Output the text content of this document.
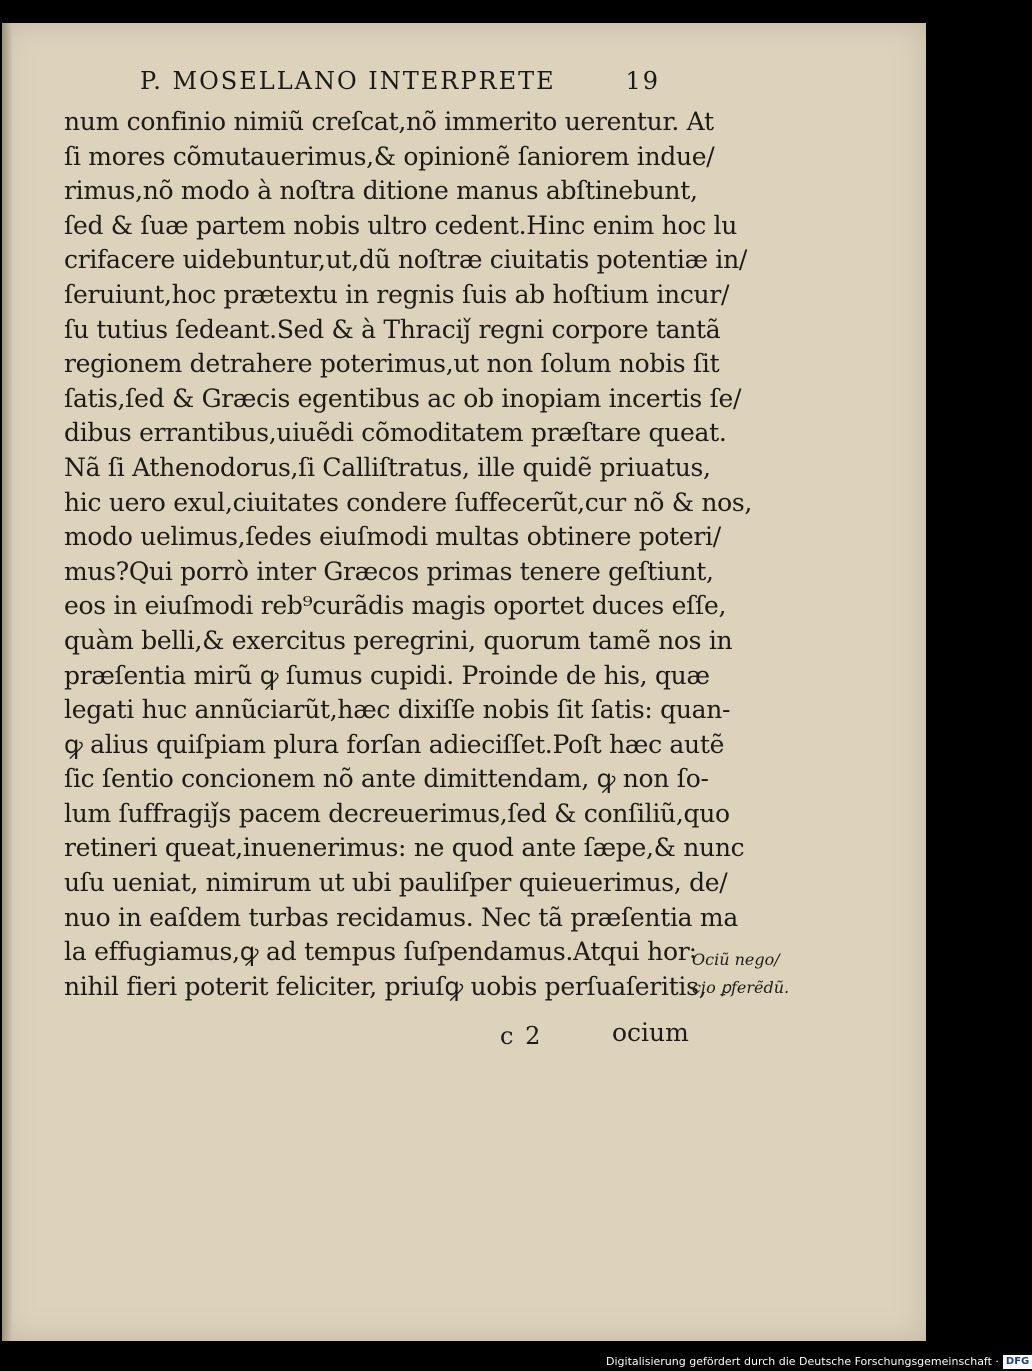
P. MOSELLANO INTERPRETE	19
num confinio nimiũ creſcat,nõ immerito uerentur. At
ſi mores cõmutauerimus,& opinionẽ ſaniorem indue/
rimus,nõ modo à noſtra ditione manus abſtinebunt,
ſed & ſuæ partem nobis ultro cedent.Hinc enim hoc lu
crifacere uidebuntur,ut,dũ noſtræ ciuitatis potentiæ in/
ſeruiunt,hoc prætextu in regnis ſuis ab hoſtium incur/
ſu tutius ſedeant.Sed & à Thraciǰ regni corpore tantã
regionem detrahere poterimus,ut non ſolum nobis ſit
ſatis,ſed & Græcis egentibus ac ob inopiam incertis ſe/
dibus errantibus,uiuẽdi cõmoditatem præſtare queat.
Nã ſi Athenodorus,ſi Calliſtratus, ille quidẽ priuatus,
hic uero exul,ciuitates condere ſuffecerũt,cur nõ & nos,
modo uelimus,ſedes eiuſmodi multas obtinere poteri/
mus?Qui porrò inter Græcos primas tenere geſtiunt,
eos in eiuſmodi reb⁹curãdis magis oportet duces eſſe,
quàm belli,& exercitus peregrini, quorum tamẽ nos in
præſentia mirũ ꝙ ſumus cupidi. Proinde de his, quæ
legati huc annũciarũt,hæc dixiſſe nobis ſit ſatis: quan-
ꝙ alius quiſpiam plura forſan adieciſſet.Poſt hæc autẽ
ſic ſentio concionem nõ ante dimittendam, ꝙ non ſo-
lum ſuffragiǰs pacem decreuerimus,ſed & conſiliũ,quo
retineri queat,inuenerimus: ne quod ante ſæpe,& nunc
uſu ueniat, nimirum ut ubi pauliſper quieuerimus, de/
nuo in eaſdem turbas recidamus. Nec tã præſentia ma
la effugiamus,ꝙ ad tempus ſuſpendamus.Atqui hor꞉
nihil fieri poterit feliciter, priuſꝙ uobis perſuaſeritis,
Ociũ nego/
cio ꝑferẽdũ.
c 2	ocium
Digitalisierung gefördert durch die Deutsche Forschungsgemeinschaft · DFG
